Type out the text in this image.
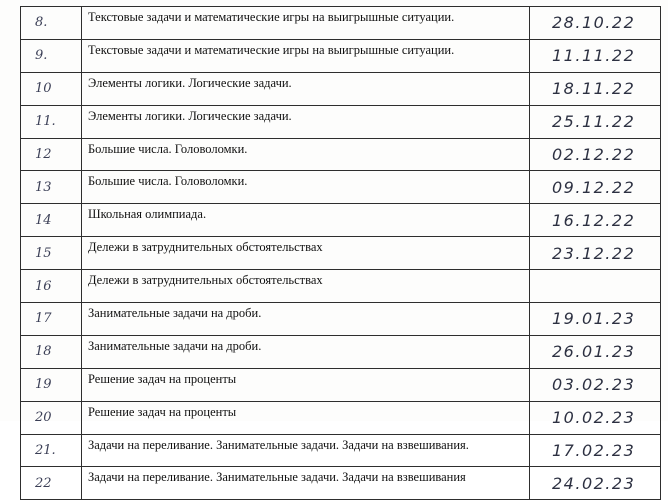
8.	Текстовые задачи и математические игры на выигрышные ситуации.	28.10.22
9.	Текстовые задачи и математические игры на выигрышные ситуации.	11.11.22
10	Элементы логики. Логические задачи.	18.11.22
11.	Элементы логики. Логические задачи.	25.11.22
12	Большие числа. Головоломки.	02.12.22
13	Большие числа. Головоломки.	09.12.22
14	Школьная олимпиада.	16.12.22
15	Дележи в затруднительных обстоятельствах	23.12.22
16	Дележи в затруднительных обстоятельствах	
17	Занимательные задачи на дроби.	19.01.23
18	Занимательные задачи на дроби.	26.01.23
19	Решение задач на проценты	03.02.23
20	Решение задач на проценты	10.02.23
21.	Задачи на переливание. Занимательные задачи. Задачи на взвешивания.	17.02.23
22	Задачи на переливание. Занимательные задачи. Задачи на взвешивания	24.02.23
